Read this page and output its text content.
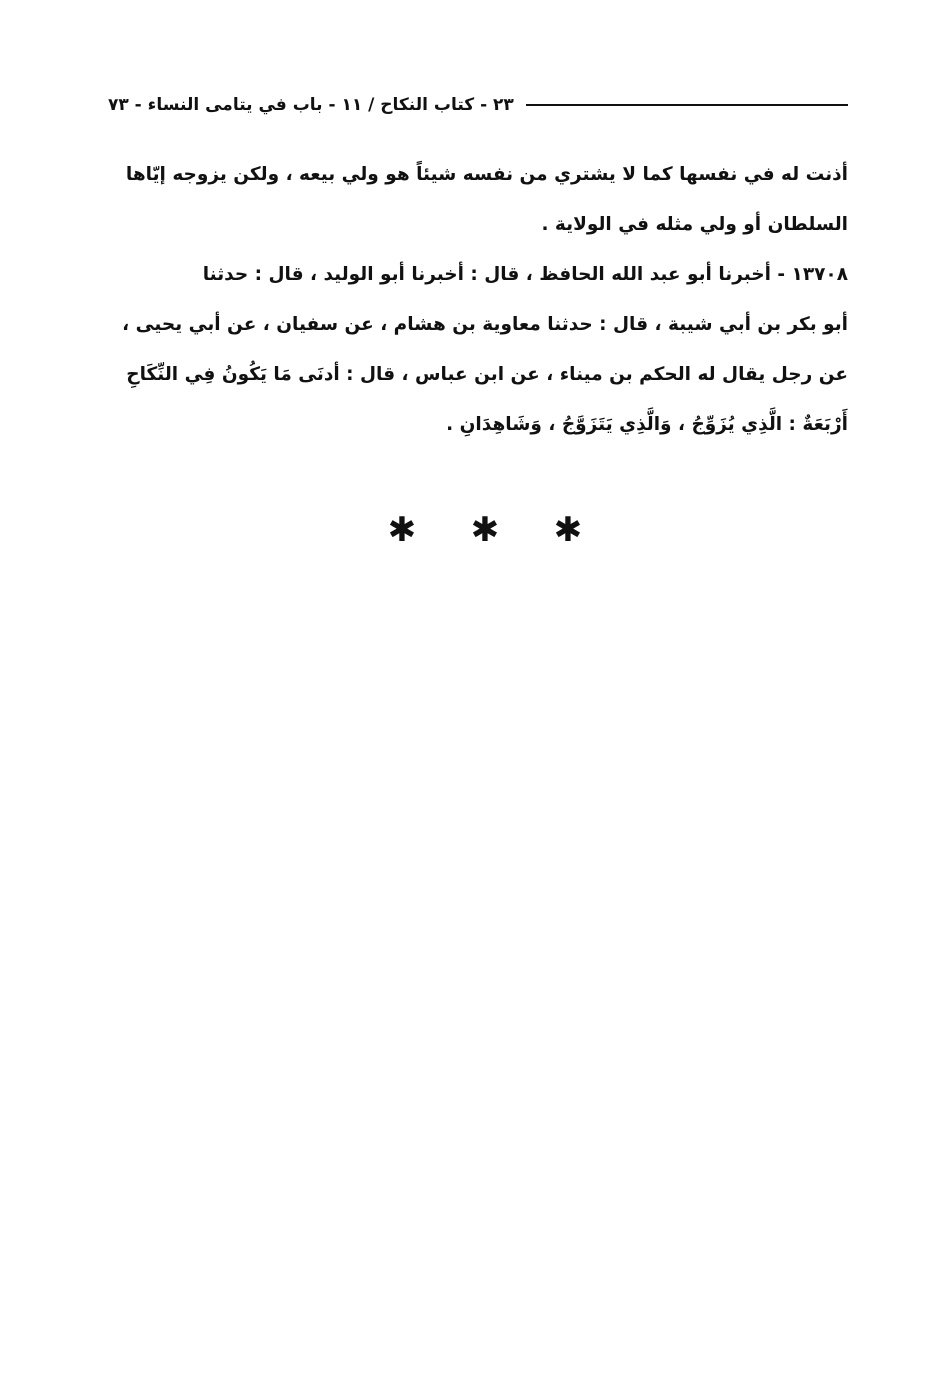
٢٣ - كتاب النكاح / ١١ - باب في يتامى النساء - ٧٣
أذنت له في نفسها كما لا يشتري من نفسه شيئاً هو ولي بيعه ، ولكن يزوجه إيّاها
السلطان أو ولي مثله في الولاية .
١٣٧٠٨ - أخبرنا أبو عبد الله الحافظ ، قال : أخبرنا أبو الوليد ، قال : حدثنا
أبو بكر بن أبي شيبة ، قال : حدثنا معاوية بن هشام ، عن سفيان ، عن أبي يحيى ،
عن رجل يقال له الحكم بن ميناء ، عن ابن عباس ، قال : أدنَى مَا يَكُونُ فِي النِّكَاحِ
أَرْبَعَةٌ : الَّذِي يُزَوِّجُ ، وَالَّذِي يَتَزَوَّجُ ، وَشَاهِدَانِ .
✱
✱
✱
